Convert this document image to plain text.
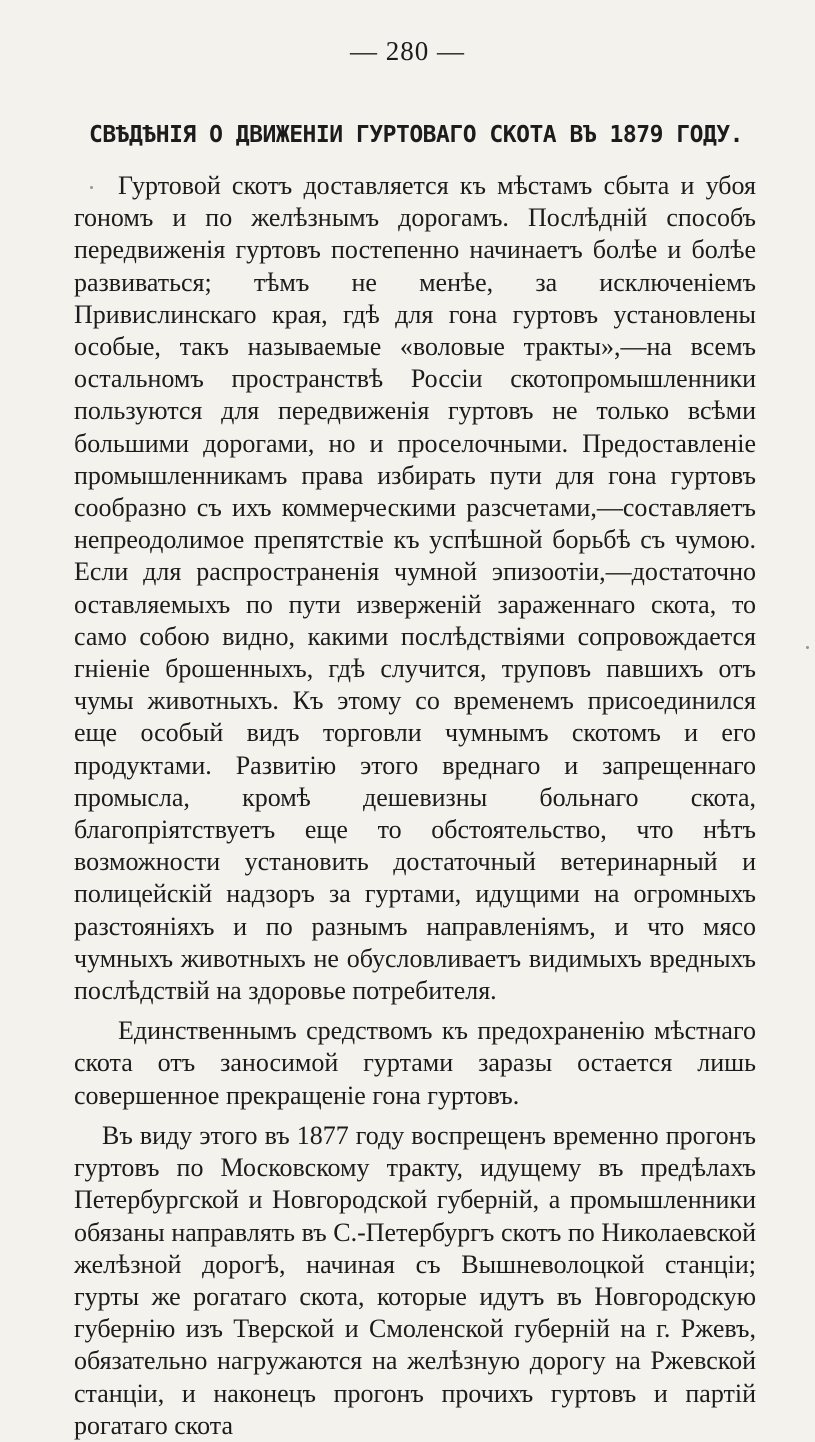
— 280 —
СВѢДѢНІЯ О ДВИЖЕНІИ ГУРТОВАГО СКОТА ВЪ 1879 ГОДУ.

Гуртовой скотъ доставляется къ мѣстамъ сбыта и убоя гономъ и по желѣзнымъ дорогамъ. Послѣдній способъ передвиженія гуртовъ постепенно начинаетъ болѣе и болѣе развиваться; тѣмъ не менѣе, за исключеніемъ Привислинскаго края, гдѣ для гона гуртовъ установлены особые, такъ называемые «воловые тракты»,—на всемъ остальномъ пространствѣ Россіи скотопромышленники пользуются для передвиженія гуртовъ не только всѣми большими дорогами, но и проселочными. Предоставленіе промышленникамъ права избирать пути для гона гуртовъ сообразно съ ихъ коммерческими разсчетами,—составляетъ непреодолимое препятствіе къ успѣшной борьбѣ съ чумою. Если для распространенія чумной эпизоотіи,—достаточно оставляемыхъ по пути изверженій зараженнаго скота, то само собою видно, какими послѣдствіями сопровождается гніеніе брошенныхъ, гдѣ случится, труповъ павшихъ отъ чумы животныхъ. Къ этому со временемъ присоединился еще особый видъ торговли чумнымъ скотомъ и его продуктами. Развитію этого вреднаго и запрещеннаго промысла, кромѣ дешевизны больнаго скота, благопріятствуетъ еще то обстоятельство, что нѣтъ возможности установить достаточный ветеринарный и полицейскій надзоръ за гуртами, идущими на огромныхъ разстояніяхъ и по разнымъ направленіямъ, и что мясо чумныхъ животныхъ не обусловливаетъ видимыхъ вредныхъ послѣдствій на здоровье потребителя.

Единственнымъ средствомъ къ предохраненію мѣстнаго скота отъ заносимой гуртами заразы остается лишь совершенное прекращеніе гона гуртовъ.

Въ виду этого въ 1877 году воспрещенъ временно прогонъ гуртовъ по Московскому тракту, идущему въ предѣлахъ Петербургской и Новгородской губерній, а промышленники обязаны направлять въ С.-Петербургъ скотъ по Николаевской желѣзной дорогѣ, начиная съ Вышневолоцкой станціи; гурты же рогатаго скота, которые идутъ въ Новгородскую губернію изъ Тверской и Смоленской губерній на г. Ржевъ, обязательно нагружаются на желѣзную дорогу на Ржевской станціи, и наконецъ прогонъ прочихъ гуртовъ и партій рогатаго скота
